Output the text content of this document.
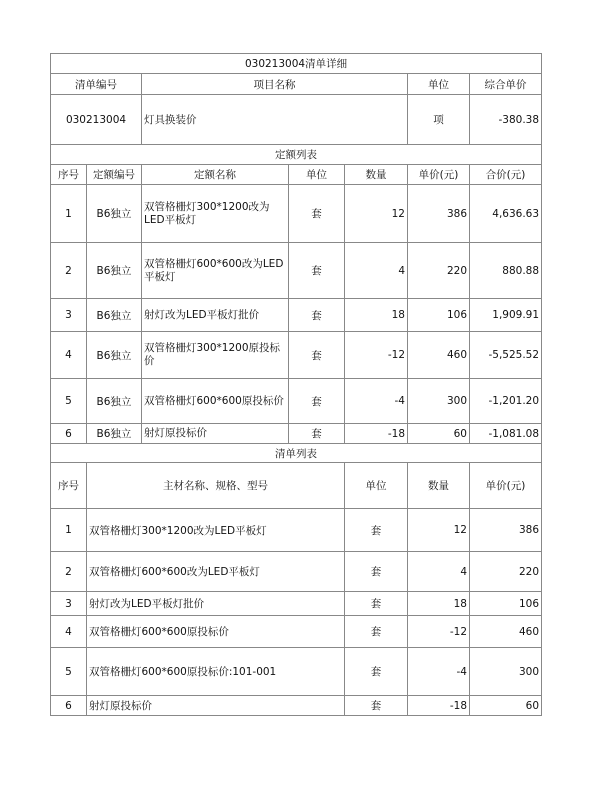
030213004清单详细							
清单编号		项目名称			单位	综合单价	
030213004		灯具换装价			项	-380.38	
定额列表							
序号	定额编号	定额名称	单位	数量	单价(元)	合价(元)	
1	B6独立	双管格栅灯300*1200改为LED平板灯	套	12	386	4,636.63	
2	B6独立	双管格栅灯600*600改为LED平板灯	套	4	220	880.88	
3	B6独立	射灯改为LED平板灯批价	套	18	106	1,909.91	
4	B6独立	双管格栅灯300*1200原投标价	套	-12	460	-5,525.52	
5	B6独立	双管格栅灯600*600原投标价	套	-4	300	-1,201.20	
6	B6独立	射灯原投标价	套	-18	60	-1,081.08	
清单列表							
序号	主材名称、规格、型号			单位	数量	单价(元)	
1	双管格栅灯300*1200改为LED平板灯			套	12	386	
2	双管格栅灯600*600改为LED平板灯			套	4	220	
3	射灯改为LED平板灯批价			套	18	106	
4	双管格栅灯600*600原投标价			套	-12	460	
5	双管格栅灯600*600原投标价:101-001			套	-4	300	
6	射灯原投标价			套	-18	60	
